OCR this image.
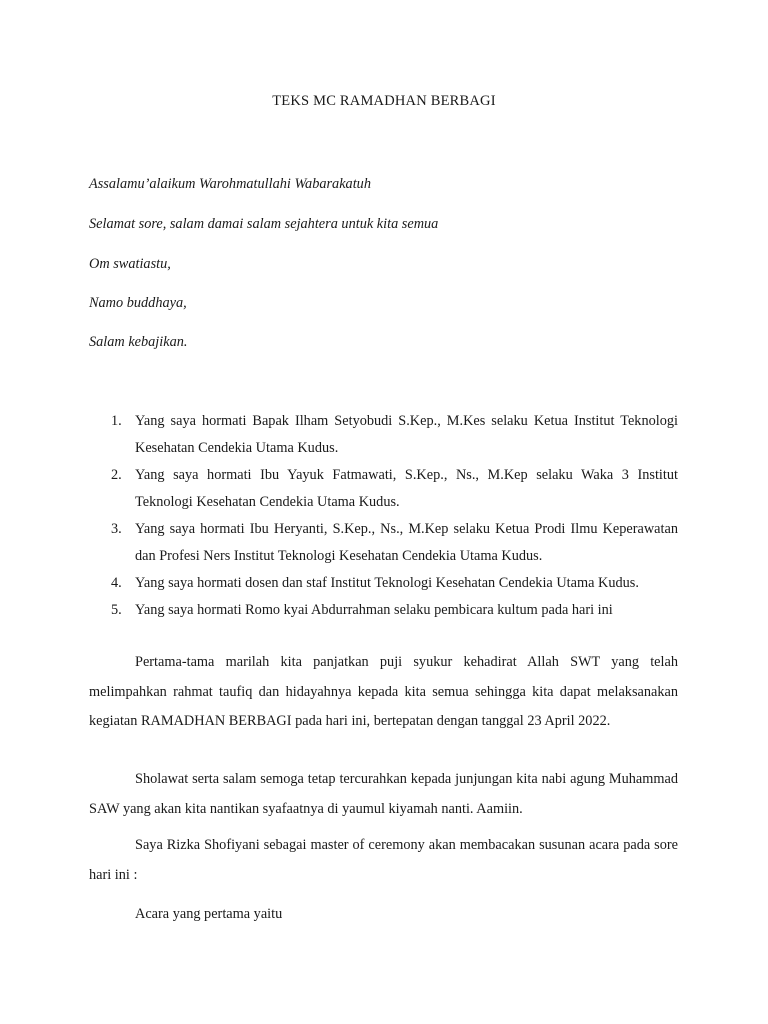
TEKS MC RAMADHAN BERBAGI
Assalamu’alaikum Warohmatullahi Wabarakatuh
Selamat sore, salam damai salam sejahtera untuk kita semua
Om swatiastu,
Namo buddhaya,
Salam kebajikan.
1. Yang saya hormati Bapak Ilham Setyobudi S.Kep., M.Kes selaku Ketua Institut Teknologi Kesehatan Cendekia Utama Kudus.
2. Yang saya hormati Ibu Yayuk Fatmawati, S.Kep., Ns., M.Kep selaku Waka 3 Institut Teknologi Kesehatan Cendekia Utama Kudus.
3. Yang saya hormati Ibu Heryanti, S.Kep., Ns., M.Kep selaku Ketua Prodi Ilmu Keperawatan dan Profesi Ners Institut Teknologi Kesehatan Cendekia Utama Kudus.
4. Yang saya hormati dosen dan staf Institut Teknologi Kesehatan Cendekia Utama Kudus.
5. Yang saya hormati Romo kyai Abdurrahman selaku pembicara kultum pada hari ini
Pertama-tama marilah kita panjatkan puji syukur kehadirat Allah SWT yang telah melimpahkan rahmat taufiq dan hidayahnya kepada kita semua sehingga kita dapat melaksanakan kegiatan RAMADHAN BERBAGI pada hari ini, bertepatan dengan tanggal 23 April 2022.
Sholawat serta salam semoga tetap tercurahkan kepada junjungan kita nabi agung Muhammad SAW yang akan kita nantikan syafaatnya di yaumul kiyamah nanti. Aamiin.
Saya Rizka Shofiyani sebagai master of ceremony akan membacakan susunan acara pada sore hari ini :
Acara yang pertama yaitu
